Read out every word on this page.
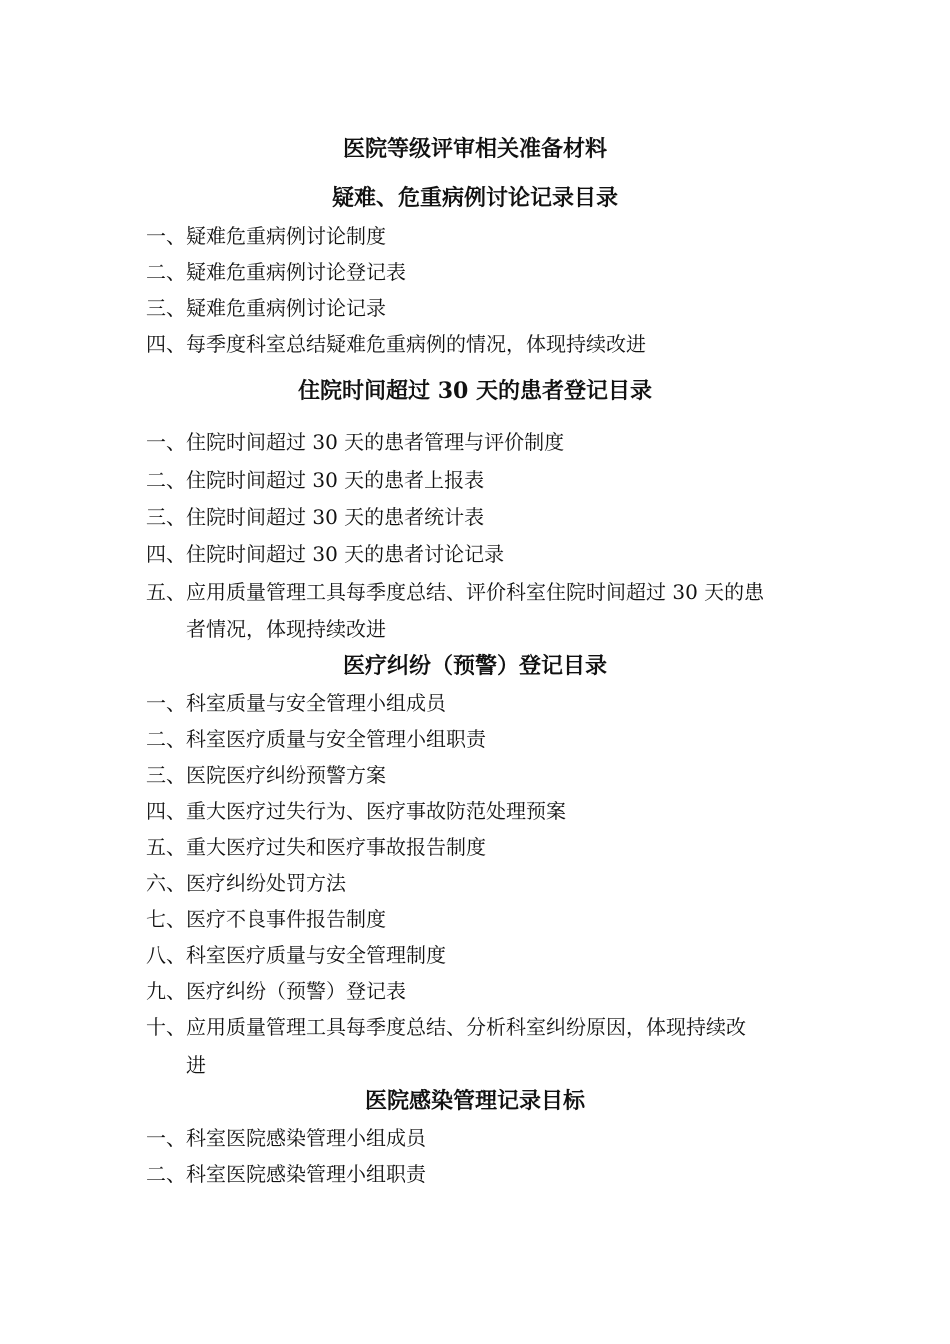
医院等级评审相关准备材料
疑难、危重病例讨论记录目录
一、疑难危重病例讨论制度
二、疑难危重病例讨论登记表
三、疑难危重病例讨论记录
四、每季度科室总结疑难危重病例的情况，体现持续改进
住院时间超过 30 天的患者登记目录
一、住院时间超过 30 天的患者管理与评价制度
二、住院时间超过 30 天的患者上报表
三、住院时间超过 30 天的患者统计表
四、住院时间超过 30 天的患者讨论记录
五、应用质量管理工具每季度总结、评价科室住院时间超过 30 天的患
者情况，体现持续改进
医疗纠纷（预警）登记目录
一、科室质量与安全管理小组成员
二、科室医疗质量与安全管理小组职责
三、医院医疗纠纷预警方案
四、重大医疗过失行为、医疗事故防范处理预案
五、重大医疗过失和医疗事故报告制度
六、医疗纠纷处罚方法
七、医疗不良事件报告制度
八、科室医疗质量与安全管理制度
九、医疗纠纷（预警）登记表
十、应用质量管理工具每季度总结、分析科室纠纷原因，体现持续改
进
医院感染管理记录目标
一、科室医院感染管理小组成员
二、科室医院感染管理小组职责
